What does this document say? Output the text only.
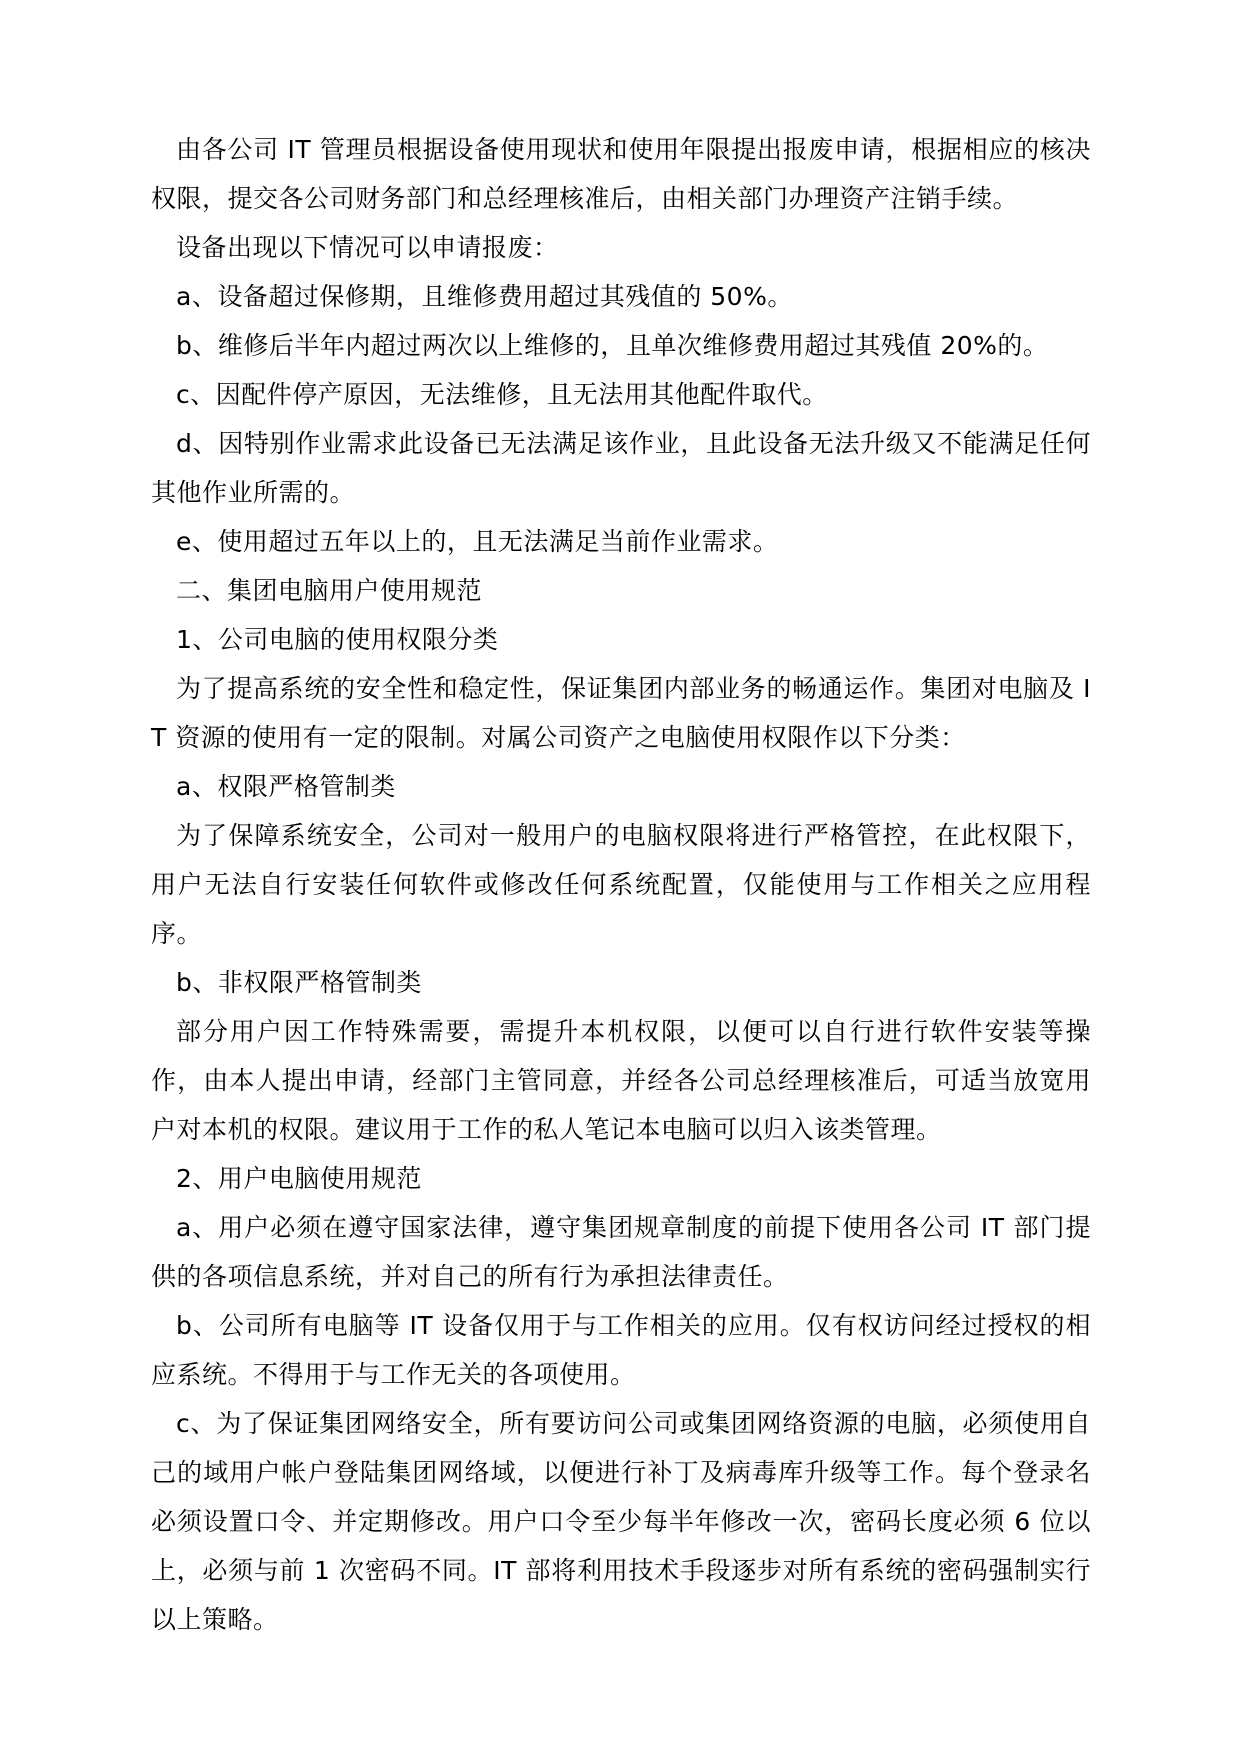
由各公司 IT 管理员根据设备使用现状和使用年限提出报废申请，根据相应的核决权限，提交各公司财务部门和总经理核准后，由相关部门办理资产注销手续。

设备出现以下情况可以申请报废：

a、设备超过保修期，且维修费用超过其残值的 50%。

b、维修后半年内超过两次以上维修的，且单次维修费用超过其残值 20%的。

c、因配件停产原因，无法维修，且无法用其他配件取代。

d、因特别作业需求此设备已无法满足该作业，且此设备无法升级又不能满足任何其他作业所需的。

e、使用超过五年以上的，且无法满足当前作业需求。

二、集团电脑用户使用规范

1、公司电脑的使用权限分类

为了提高系统的安全性和稳定性，保证集团内部业务的畅通运作。集团对电脑及 IT 资源的使用有一定的限制。对属公司资产之电脑使用权限作以下分类：

a、权限严格管制类

为了保障系统安全，公司对一般用户的电脑权限将进行严格管控，在此权限下，用户无法自行安装任何软件或修改任何系统配置，仅能使用与工作相关之应用程序。

b、非权限严格管制类

部分用户因工作特殊需要，需提升本机权限，以便可以自行进行软件安装等操作，由本人提出申请，经部门主管同意，并经各公司总经理核准后，可适当放宽用户对本机的权限。建议用于工作的私人笔记本电脑可以归入该类管理。

2、用户电脑使用规范

a、用户必须在遵守国家法律，遵守集团规章制度的前提下使用各公司 IT 部门提供的各项信息系统，并对自己的所有行为承担法律责任。

b、公司所有电脑等 IT 设备仅用于与工作相关的应用。仅有权访问经过授权的相应系统。不得用于与工作无关的各项使用。

c、为了保证集团网络安全，所有要访问公司或集团网络资源的电脑，必须使用自己的域用户帐户登陆集团网络域，以便进行补丁及病毒库升级等工作。每个登录名必须设置口令、并定期修改。用户口令至少每半年修改一次，密码长度必须 6 位以上，必须与前 1 次密码不同。IT 部将利用技术手段逐步对所有系统的密码强制实行以上策略。
